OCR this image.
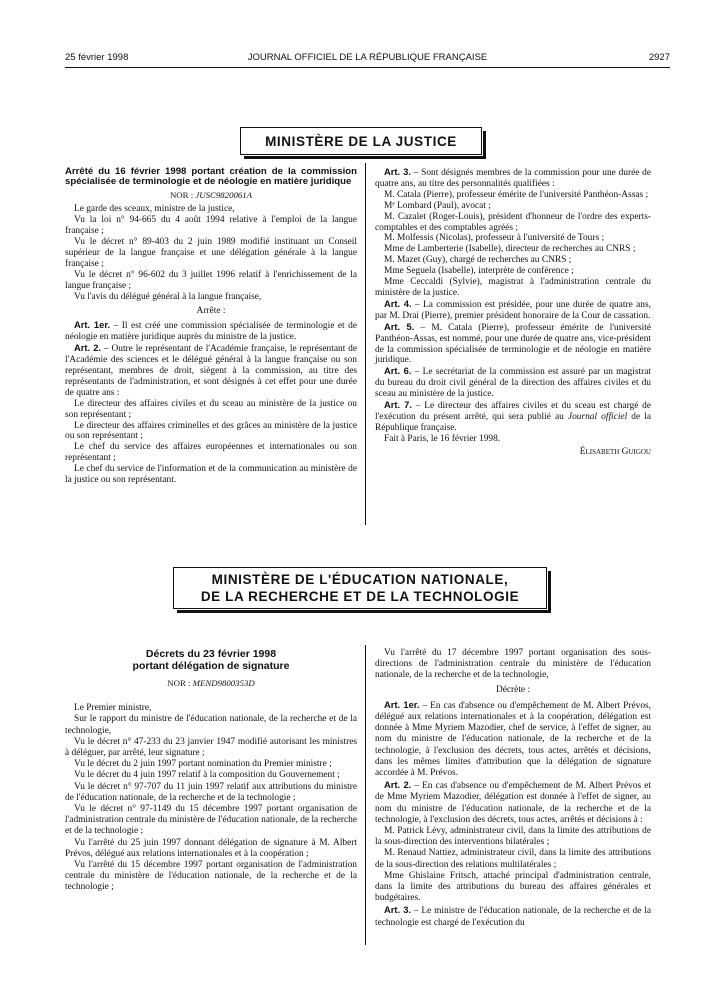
25 février 1998	JOURNAL OFFICIEL DE LA RÉPUBLIQUE FRANÇAISE	2927
MINISTÈRE DE LA JUSTICE

Arrêté du 16 février 1998 portant création de la commission spécialisée de terminologie et de néologie en matière juridique

NOR : JUSC9820061A

Le garde des sceaux, ministre de la justice,

Vu la loi n° 94-665 du 4 août 1994 relative à l'emploi de la langue française ;

Vu le décret n° 89-403 du 2 juin 1989 modifié instituant un Conseil supérieur de la langue française et une délégation générale à la langue française ;

Vu le décret n° 96-602 du 3 juillet 1996 relatif à l'enrichissement de la langue française ;

Vu l'avis du délégué général à la langue française,

Arrête :

Art. 1er. – Il est créé une commission spécialisée de terminologie et de néologie en matière juridique auprès du ministre de la justice.

Art. 2. – Outre le représentant de l'Académie française, le représentant de l'Académie des sciences et le délégué général à la langue française ou son représentant, membres de droit, siègent à la commission, au titre des représentants de l'administration, et sont désignés à cet effet pour une durée de quatre ans :

Le directeur des affaires civiles et du sceau au ministère de la justice ou son représentant ;

Le directeur des affaires criminelles et des grâces au ministère de la justice ou son représentant ;

Le chef du service des affaires européennes et internationales ou son représentant ;

Le chef du service de l'information et de la communication au ministère de la justice ou son représentant.

Art. 3. – Sont désignés membres de la commission pour une durée de quatre ans, au titre des personnalités qualifiées :

M. Catala (Pierre), professeur émérite de l'université Panthéon-Assas ;

Mᵉ Lombard (Paul), avocat ;

M. Cazalet (Roger-Louis), président d'honneur de l'ordre des experts-comptables et des comptables agréés ;

M. Molfessis (Nicolas), professeur à l'université de Tours ;

Mme de Lamberterie (Isabelle), directeur de recherches au CNRS ;

M. Mazet (Guy), chargé de recherches au CNRS ;

Mme Seguela (Isabelle), interprète de conférence ;

Mme Ceccaldi (Sylvie), magistrat à l'administration centrale du ministère de la justice.

Art. 4. – La commission est présidée, pour une durée de quatre ans, par M. Drai (Pierre), premier président honoraire de la Cour de cassation.

Art. 5. – M. Catala (Pierre), professeur émérite de l'université Panthéon-Assas, est nommé, pour une durée de quatre ans, vice-président de la commission spécialisée de terminologie et de néologie en matière juridique.

Art. 6. – Le secrétariat de la commission est assuré par un magistrat du bureau du droit civil général de la direction des affaires civiles et du sceau au ministère de la justice.

Art. 7. – Le directeur des affaires civiles et du sceau est chargé de l'exécution du présent arrêté, qui sera publié au Journal officiel de la République française.

Fait à Paris, le 16 février 1998.

Élisabeth Guigou

MINISTÈRE DE L'ÉDUCATION NATIONALE,
DE LA RECHERCHE ET DE LA TECHNOLOGIE

Décrets du 23 février 1998

portant délégation de signature

NOR : MEND9800353D

Le Premier ministre,

Sur le rapport du ministre de l'éducation nationale, de la recherche et de la technologie,

Vu le décret n° 47-233 du 23 janvier 1947 modifié autorisant les ministres à déléguer, par arrêté, leur signature ;

Vu le décret du 2 juin 1997 portant nomination du Premier ministre ;

Vu le décret du 4 juin 1997 relatif à la composition du Gouvernement ;

Vu le décret n° 97-707 du 11 juin 1997 relatif aux attributions du ministre de l'éducation nationale, de la recherche et de la technologie ;

Vu le décret n° 97-1149 du 15 décembre 1997 portant organisation de l'administration centrale du ministère de l'éducation nationale, de la recherche et de la technologie ;

Vu l'arrêté du 25 juin 1997 donnant délégation de signature à M. Albert Prévos, délégué aux relations internationales et à la coopération ;

Vu l'arrêté du 15 décembre 1997 portant organisation de l'administration centrale du ministère de l'éducation nationale, de la recherche et de la technologie ;

Vu l'arrêté du 17 décembre 1997 portant organisation des sous-directions de l'administration centrale du ministère de l'éducation nationale, de la recherche et de la technologie,

Décrète :

Art. 1er. – En cas d'absence ou d'empêchement de M. Albert Prévos, délégué aux relations internationales et à la coopération, délégation est donnée à Mme Myriem Mazodier, chef de service, à l'effet de signer, au nom du ministre de l'éducation nationale, de la recherche et de la technologie, à l'exclusion des décrets, tous actes, arrêtés et décisions, dans les mêmes limites d'attribution que la délégation de signature accordée à M. Prévos.

Art. 2. – En cas d'absence ou d'empêchement de M. Albert Prévos et de Mme Myriem Mazodier, délégation est donnée à l'effet de signer, au nom du ministre de l'éducation nationale, de la recherche et de la technologie, à l'exclusion des décrets, tous actes, arrêtés et décisions à :

M. Patrick Lévy, administrateur civil, dans la limite des attributions de la sous-direction des interventions bilatérales ;

M. Renaud Nattiez, administrateur civil, dans la limite des attributions de la sous-direction des relations multilatérales ;

Mme Ghislaine Fritsch, attaché principal d'administration centrale, dans la limite des attributions du bureau des affaires générales et budgétaires.

Art. 3. – Le ministre de l'éducation nationale, de la recherche et de la technologie est chargé de l'exécution du
